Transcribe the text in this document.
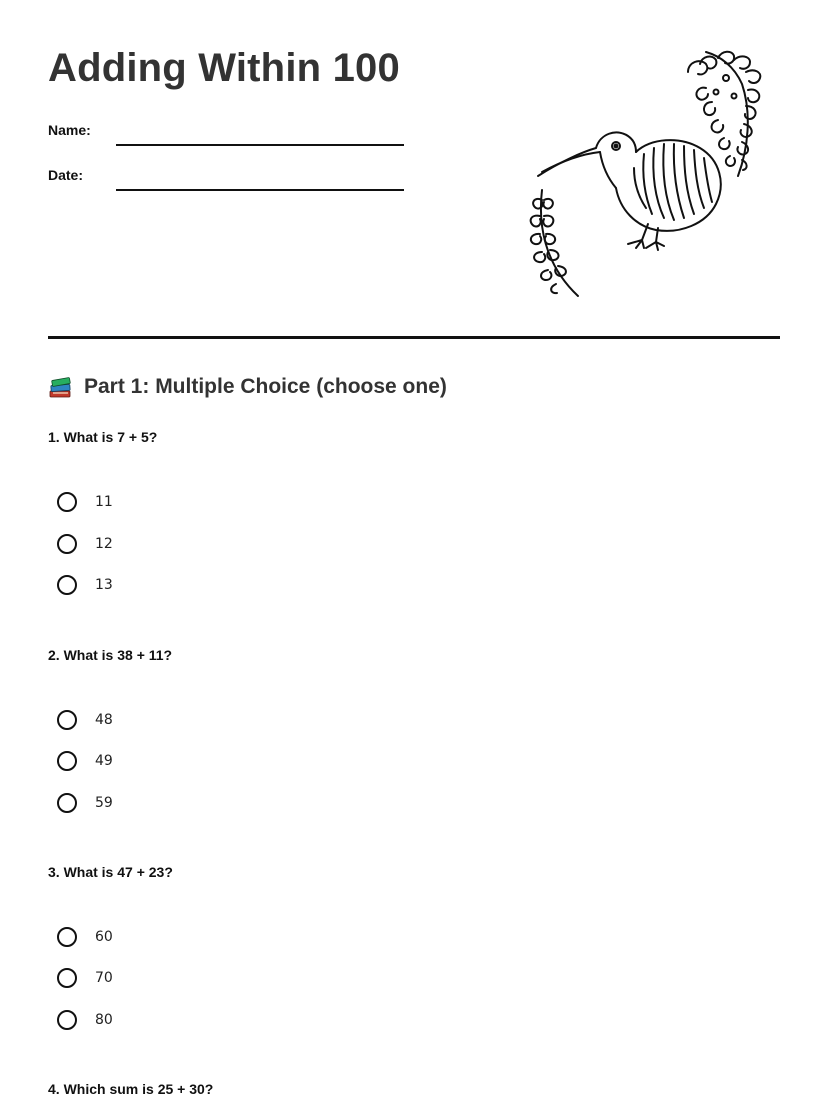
Adding Within 100
Name:
Date:
Part 1: Multiple Choice (choose one)

1. What is 7 + 5?

11
12
13

2. What is 38 + 11?

48
49
59

3. What is 47 + 23?

60
70
80

4. Which sum is 25 + 30?
